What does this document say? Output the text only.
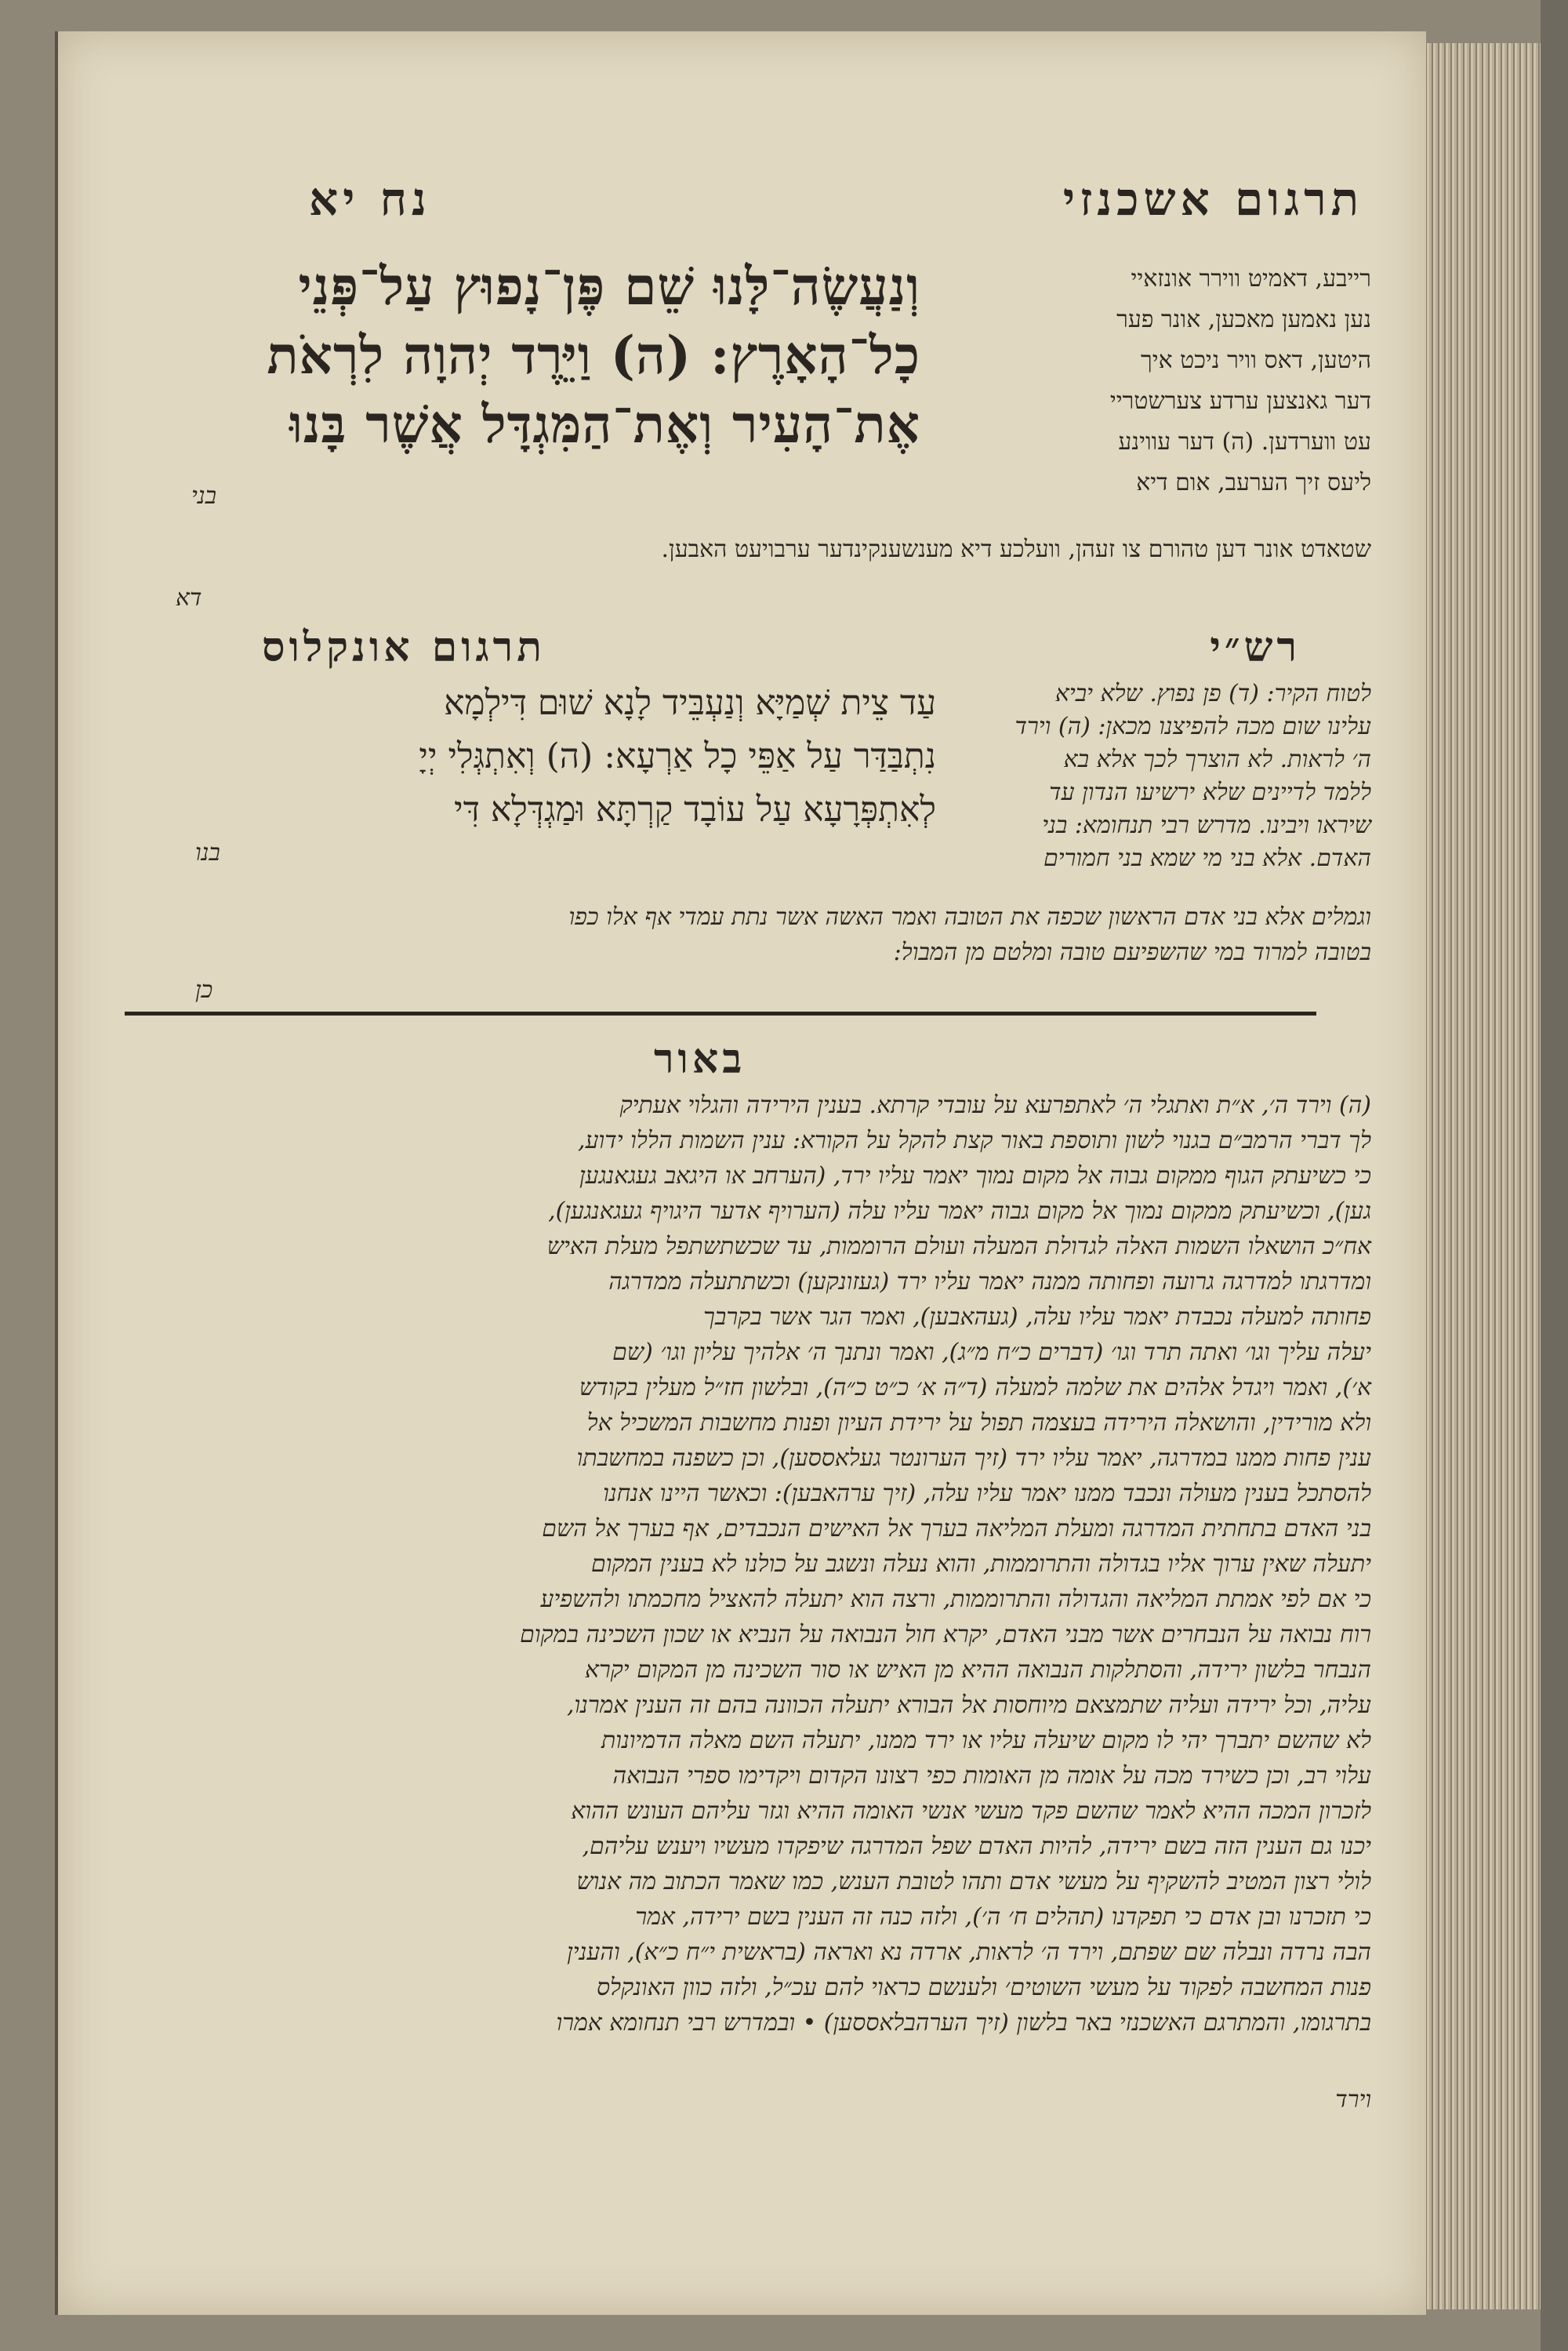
תרגום אשכנזי
נח יא
רייבע, דאמיט ווירר אונזאיי
נען נאמען מאכען, אונר פער
היטען, דאס וויר ניכט איך
דער גאנצען ערדע צערשטריי
עט ווערדען. (ה) דער עווינע
ליעס זיך הערעב, אום דיא
שטאדט אונר דען טהורם צו זעהן, וועלכע דיא מענשענקינדער ערבויעט האבען.
דא
וְנַעֲשֶׂה־לָּנוּ שֵׁם פֶּן־נָפוּץ עַל־פְּנֵי
כָל־הָאָרֶץ: (ה) וַיֵּרֶד יְהוָה לִרְאֹת
אֶת־הָעִיר וְאֶת־הַמִּגְדָּל אֲשֶׁר בָּנוּ
בני
תרגום אונקלוס
עַד צֵית שְׁמַיָּא וְנַעְבֵּיד לָנָא שׁוּם דִּילְמָא
נִתְבַּדַּר עַל אַפֵּי כָל אַרְעָא: (ה) וְאִתְגְּלִי יְיָ
לְאִתְפְּרָעָא עַל עוֹבָד קַרְתָּא וּמַגְדְּלָא דִּי
בנו
רש״י
לטוח הקיר: (ד) פן נפוץ. שלא יביא
עלינו שום מכה להפיצנו מכאן: (ה) וירד
ה׳ לראות. לא הוצרך לכך אלא בא
ללמד לדיינים שלא ירשיעו הנדון עד
שיראו ויבינו. מדרש רבי תנחומא: בני
האדם. אלא בני מי שמא בני חמורים
וגמלים אלא בני אדם הראשון שכפה את הטובה ואמר האשה אשר נתת עמדי אף אלו כפו
בטובה למרוד במי שהשפיעם טובה ומלטם מן המבול:
כן
באור
(ה) וירד ה׳, א״ת ואתגלי ה׳ לאתפרעא על עובדי קרתא. בענין הירידה והגלוי אעתיק
לך דברי הרמב״ם בגנוי לשון ותוספת באור קצת להקל על הקורא: ענין השמות הללו ידוע,
כי כשיעתק הגוף ממקום גבוה אל מקום נמוך יאמר עליו ירד, (הערחב או היגאב געגאנגען
גען), וכשיעתק ממקום נמוך אל מקום גבוה יאמר עליו עלה (הערויף אדער היגויף געגאנגען),
אח״כ הושאלו השמות האלה לגדולת המעלה ועולם הרוממות, עד שכשתשתפל מעלת האיש
ומדרגתו למדרגה גרועה ופחותה ממנה יאמר עליו ירד (געזונקען) וכשתתעלה ממדרגה
פחותה למעלה נכבדת יאמר עליו עלה, (געהאבען), ואמר הגר אשר בקרבך
יעלה עליך וגו׳ ואתה תרד וגו׳ (דברים כ״ח מ״ג), ואמר ונתנך ה׳ אלהיך עליון וגו׳ (שם
א׳), ואמר ויגדל אלהים את שלמה למעלה (ד״ה א׳ כ״ט כ״ה), ובלשון חז״ל מעלין בקודש
ולא מורידין, והושאלה הירידה בעצמה תפול על ירידת העיון ופנות מחשבות המשכיל אל
ענין פחות ממנו במדרגה, יאמר עליו ירד (זיך הערונטר געלאססען), וכן כשפנה במחשבתו
להסתכל בענין מעולה ונכבד ממנו יאמר עליו עלה, (זיך ערהאבען): וכאשר היינו אנחנו
בני האדם בתחתית המדרגה ומעלת המליאה בערך אל האישים הנכבדים, אף בערך אל השם
יתעלה שאין ערוך אליו בגדולה והתרוממות, והוא נעלה ונשגב על כולנו לא בענין המקום
כי אם לפי אמתת המליאה והגדולה והתרוממות, ורצה הוא יתעלה להאציל מחכמתו ולהשפיע
רוח נבואה על הנבחרים אשר מבני האדם, יקרא חול הנבואה על הנביא או שכון השכינה במקום
הנבחר בלשון ירידה, והסתלקות הנבואה ההיא מן האיש או סור השכינה מן המקום יקרא
עליה, וכל ירידה ועליה שתמצאם מיוחסות אל הבורא יתעלה הכוונה בהם זה הענין אמרנו,
לא שהשם יתברך יהי לו מקום שיעלה עליו או ירד ממנו, יתעלה השם מאלה הדמיונות
עלוי רב, וכן כשירד מכה על אומה מן האומות כפי רצונו הקדום ויקדימו ספרי הנבואה
לזכרון המכה ההיא לאמר שהשם פקד מעשי אנשי האומה ההיא וגזר עליהם העונש ההוא
יכנו גם הענין הזה בשם ירידה, להיות האדם שפל המדרגה שיפקדו מעשיו ויענש עליהם,
לולי רצון המטיב להשקיף על מעשי אדם ותהו לטובת הענש, כמו שאמר הכתוב מה אנוש
כי תזכרנו ובן אדם כי תפקדנו (תהלים ח׳ ה׳), ולזה כנה זה הענין בשם ירידה, אמר
הבה נרדה ונבלה שם שפתם, וירד ה׳ לראות, ארדה נא ואראה (בראשית י״ח כ״א), והענין
פנות המחשבה לפקוד על מעשי השוטים׳ ולענשם כראוי להם עכ״ל, ולזה כוון האונקלס
בתרגומו, והמתרגם האשכנזי באר בלשון (זיך הערהבלאססען) • ובמדרש רבי תנחומא אמרו
וירד
